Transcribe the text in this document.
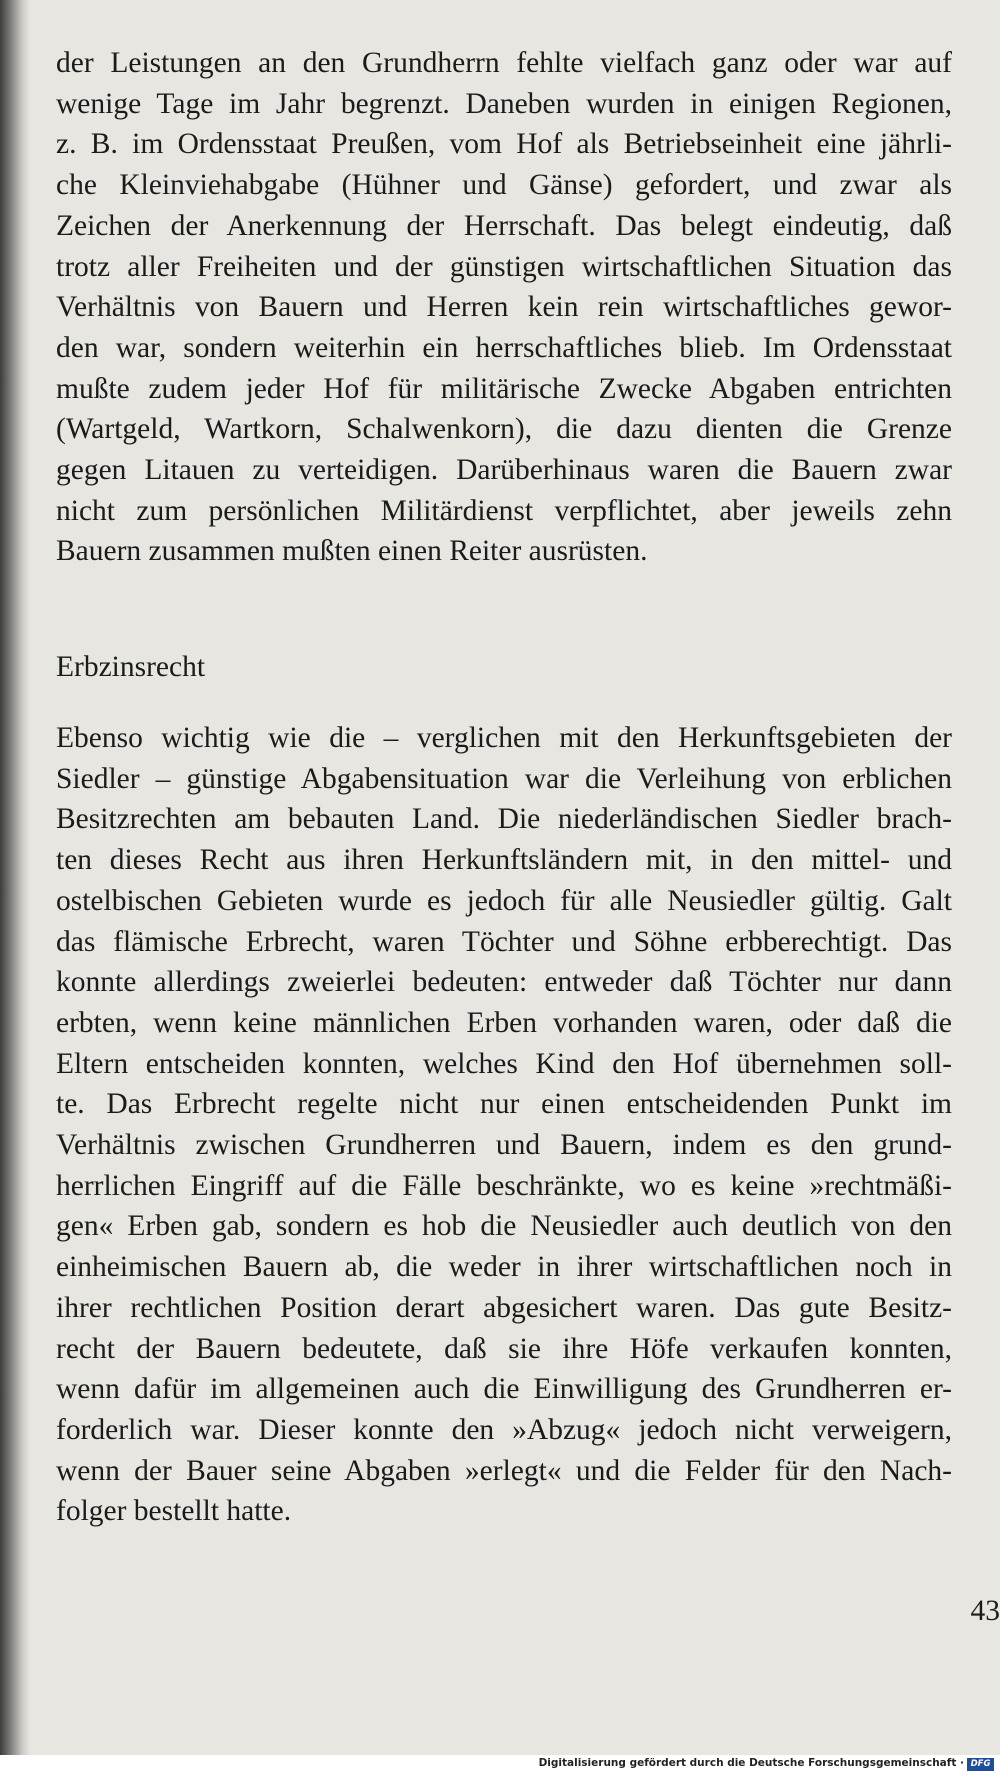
der Leistungen an den Grundherrn fehlte vielfach ganz oder war auf
wenige Tage im Jahr begrenzt. Daneben wurden in einigen Regionen,
z. B. im Ordensstaat Preußen, vom Hof als Betriebseinheit eine jährli-
che Kleinviehabgabe (Hühner und Gänse) gefordert, und zwar als
Zeichen der Anerkennung der Herrschaft. Das belegt eindeutig, daß
trotz aller Freiheiten und der günstigen wirtschaftlichen Situation das
Verhältnis von Bauern und Herren kein rein wirtschaftliches gewor-
den war, sondern weiterhin ein herrschaftliches blieb. Im Ordensstaat
mußte zudem jeder Hof für militärische Zwecke Abgaben entrichten
(Wartgeld, Wartkorn, Schalwenkorn), die dazu dienten die Grenze
gegen Litauen zu verteidigen. Darüberhinaus waren die Bauern zwar
nicht zum persönlichen Militärdienst verpflichtet, aber jeweils zehn
Bauern zusammen mußten einen Reiter ausrüsten.
Erbzinsrecht
Ebenso wichtig wie die – verglichen mit den Herkunftsgebieten der
Siedler – günstige Abgabensituation war die Verleihung von erblichen
Besitzrechten am bebauten Land. Die niederländischen Siedler brach-
ten dieses Recht aus ihren Herkunftsländern mit, in den mittel- und
ostelbischen Gebieten wurde es jedoch für alle Neusiedler gültig. Galt
das flämische Erbrecht, waren Töchter und Söhne erbberechtigt. Das
konnte allerdings zweierlei bedeuten: entweder daß Töchter nur dann
erbten, wenn keine männlichen Erben vorhanden waren, oder daß die
Eltern entscheiden konnten, welches Kind den Hof übernehmen soll-
te. Das Erbrecht regelte nicht nur einen entscheidenden Punkt im
Verhältnis zwischen Grundherren und Bauern, indem es den grund-
herrlichen Eingriff auf die Fälle beschränkte, wo es keine »rechtmäßi-
gen« Erben gab, sondern es hob die Neusiedler auch deutlich von den
einheimischen Bauern ab, die weder in ihrer wirtschaftlichen noch in
ihrer rechtlichen Position derart abgesichert waren. Das gute Besitz-
recht der Bauern bedeutete, daß sie ihre Höfe verkaufen konnten,
wenn dafür im allgemeinen auch die Einwilligung des Grundherren er-
forderlich war. Dieser konnte den »Abzug« jedoch nicht verweigern,
wenn der Bauer seine Abgaben »erlegt« und die Felder für den Nach-
folger bestellt hatte.
43
Digitalisierung gefördert durch die Deutsche Forschungsgemeinschaft · DFG
